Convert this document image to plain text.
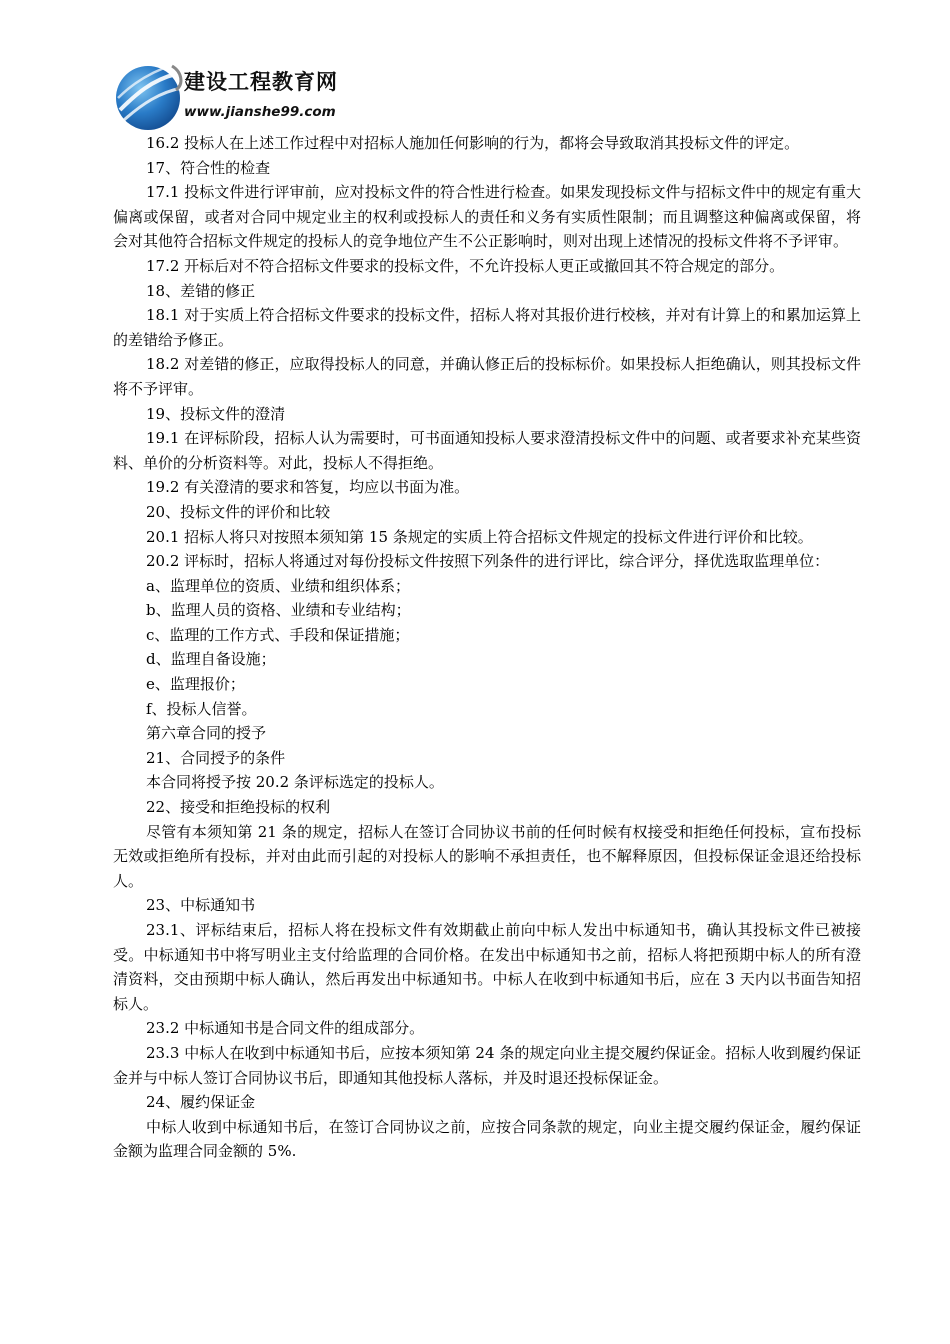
建设工程教育网
www.jianshe99.com

16.2 投标人在上述工作过程中对招标人施加任何影响的行为，都将会导致取消其投标文件的评定。

17、符合性的检查

17.1 投标文件进行评审前，应对投标文件的符合性进行检查。如果发现投标文件与招标文件中的规定有重大偏离或保留，或者对合同中规定业主的权利或投标人的责任和义务有实质性限制；而且调整这种偏离或保留，将会对其他符合招标文件规定的投标人的竞争地位产生不公正影响时，则对出现上述情况的投标文件将不予评审。

17.2 开标后对不符合招标文件要求的投标文件，不允许投标人更正或撤回其不符合规定的部分。

18、差错的修正

18.1 对于实质上符合招标文件要求的投标文件，招标人将对其报价进行校核，并对有计算上的和累加运算上的差错给予修正。

18.2 对差错的修正，应取得投标人的同意，并确认修正后的投标标价。如果投标人拒绝确认，则其投标文件将不予评审。

19、投标文件的澄清

19.1 在评标阶段，招标人认为需要时，可书面通知投标人要求澄清投标文件中的问题、或者要求补充某些资料、单价的分析资料等。对此，投标人不得拒绝。

19.2 有关澄清的要求和答复，均应以书面为准。

20、投标文件的评价和比较

20.1 招标人将只对按照本须知第 15 条规定的实质上符合招标文件规定的投标文件进行评价和比较。

20.2 评标时，招标人将通过对每份投标文件按照下列条件的进行评比，综合评分，择优选取监理单位：

a、监理单位的资质、业绩和组织体系；

b、监理人员的资格、业绩和专业结构；

c、监理的工作方式、手段和保证措施；

d、监理自备设施；

e、监理报价；

f、投标人信誉。

第六章合同的授予

21、合同授予的条件

本合同将授予按 20.2 条评标选定的投标人。

22、接受和拒绝投标的权利

尽管有本须知第 21 条的规定，招标人在签订合同协议书前的任何时候有权接受和拒绝任何投标，宣布投标无效或拒绝所有投标，并对由此而引起的对投标人的影响不承担责任，也不解释原因，但投标保证金退还给投标人。

23、中标通知书

23.1、评标结束后，招标人将在投标文件有效期截止前向中标人发出中标通知书，确认其投标文件已被接受。中标通知书中将写明业主支付给监理的合同价格。在发出中标通知书之前，招标人将把预期中标人的所有澄清资料，交由预期中标人确认，然后再发出中标通知书。中标人在收到中标通知书后，应在 3 天内以书面告知招标人。

23.2 中标通知书是合同文件的组成部分。

23.3 中标人在收到中标通知书后，应按本须知第 24 条的规定向业主提交履约保证金。招标人收到履约保证金并与中标人签订合同协议书后，即通知其他投标人落标，并及时退还投标保证金。

24、履约保证金

中标人收到中标通知书后，在签订合同协议之前，应按合同条款的规定，向业主提交履约保证金，履约保证金额为监理合同金额的 5%.
